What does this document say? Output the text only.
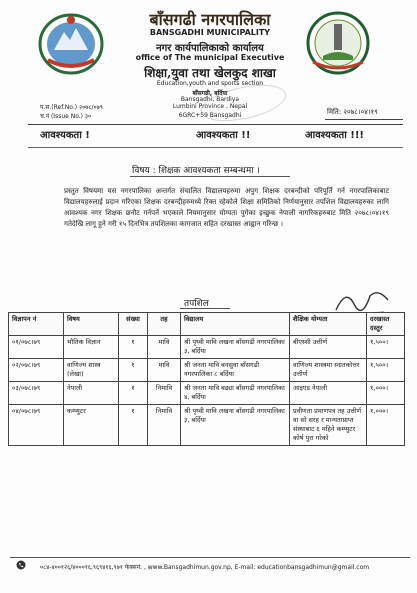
बाँसगढी नगरपालिका
BANSGADHI MUNICIPALITY
नगर कार्यपालिकाको कार्यालय
office of The municipal Executive
शिक्षा,युवा तथा खेलकुद शाखा
Education,youth and sports section
बाँसगढी, बर्दिया
Bansgadhi, Bardiya
Lumbini Province , Nepal
6GRC+59 Bansgadhi
प.स.(Ref.No.) २०७८/०७९
च.नं (Issue No.) ३०
मिति: २०७८।०४।१९
आवश्यकता !	आवश्यकता !!	आवश्यकता !!!
विषय : शिक्षक आवश्यकता सम्बन्धमा ।
प्रस्तुत विषयमा यस नगरपालिका अन्तर्गत संचालित विद्यालयहरुमा अपुग शिक्षक दरबन्दीको परिपूर्ति गर्न नगरपालिकाबाट विद्यालयहरुलाई प्रदान गरिएका शिक्षक दरबन्दीहरुमध्ये रिक्त रहेकोले शिक्षा समितिको निर्णयानुसार तपशिल विद्यालयहरुका लागि आवश्यक नगर शिक्षक छनौट गर्नपर्ने भएकाले नियमानुसार योग्यता पुगेका इच्छुक नेपाली नागरिकहरुबाट मिति २०७८।०४।१९ गतेदेखि लागू हुने गरी १५ दिनभित्र तपशिलका कागजात सहित दरखास्त आह्वान गरिन्छ ।
तपशिल
विज्ञापन नं	विषय	संख्या	तह	विद्यालय	शैक्षिक योग्यता	दरखास्त दस्तुर
०१/०७८।७९	भौतिक विज्ञान	१	मावि	श्री पृथ्वी मावि लखना बाँसगढी नगरपालिका ३, बर्दिया	बीएस्सी उत्तीर्ण	१,५००।
०२/०७८।७९	वाणिज्य शास्त्र (लेखा)	१	मावि	श्री जनता मावि बनसुवा बाँसगढी नगरपालिका ८ बर्दिया	वाणिज्य शास्त्रमा स्नातकोत्तर उत्तीर्ण	१,५००।
०३/०७८।७९	नेपाली	१	निमावि	श्री जनता मावि बढ्या बाँसगढी नगरपालिका ४, बर्दिया	आइएड नेपाली	१,०००।
०४/०७८।७९	कम्प्युटर	१	निमावि	श्री पृथ्वी मावि लखना बाँसगढी नगरपालिका ३, बर्दिया	प्रवीणता प्रमाणपत्र तह उत्तीर्ण वा सो सरह र मान्यताप्राप्त संस्थाबाट ६ महिने कम्प्युटर कोर्ष पुरा गरेको	१,०००।
०८४-४००१२६/४०००१६,९६९४१६,९७१ फेक्सनं: , www.Bansgadhimun.gov.np, E-mail: educationbansgadhimun@gmail.com
